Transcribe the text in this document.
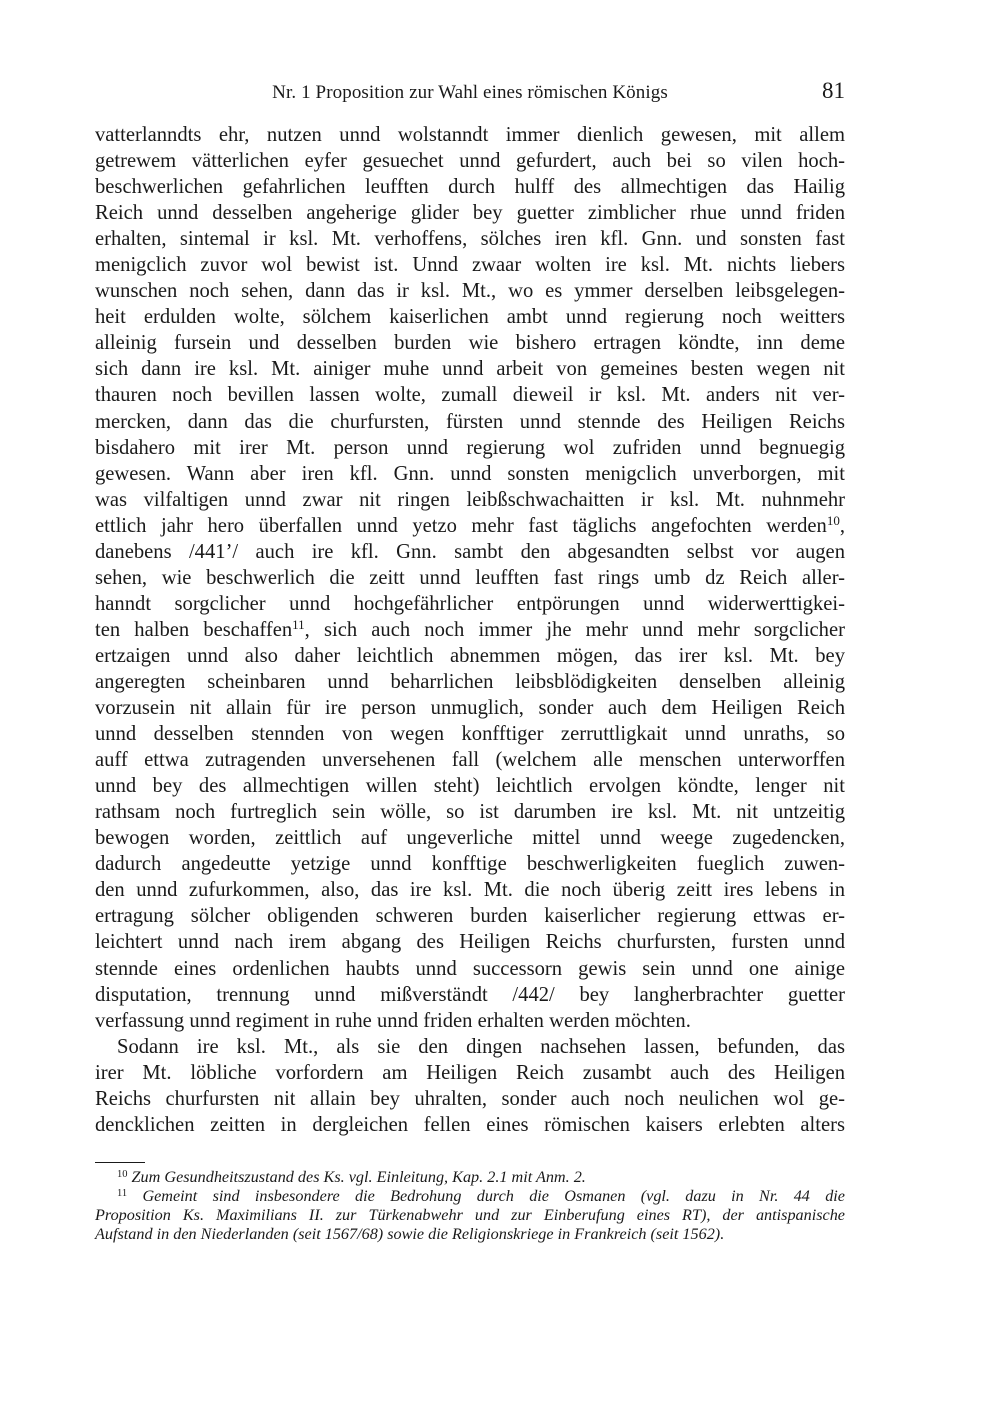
Nr. 1 Proposition zur Wahl eines römischen Königs	81
vatterlanndts ehr, nutzen unnd wolstanndt immer dienlich gewesen, mit allem
getrewem vätterlichen eyfer gesuechet unnd gefurdert, auch bei so vilen hoch-
beschwerlichen gefahrlichen leufften durch hulff des allmechtigen das Hailig
Reich unnd desselben angeherige glider bey guetter zimblicher rhue unnd friden
erhalten, sintemal ir ksl. Mt. verhoffens, sölches iren kfl. Gnn. und sonsten fast
menigclich zuvor wol bewist ist. Unnd zwaar wolten ire ksl. Mt. nichts liebers
wunschen noch sehen, dann das ir ksl. Mt., wo es ymmer derselben leibsgelegen-
heit erdulden wolte, sölchem kaiserlichen ambt unnd regierung noch weitters
alleinig fursein und desselben burden wie bishero ertragen köndte, inn deme
sich dann ire ksl. Mt. ainiger muhe unnd arbeit von gemeines besten wegen nit
thauren noch bevillen lassen wolte, zumall dieweil ir ksl. Mt. anders nit ver-
mercken, dann das die churfursten, fürsten unnd stennde des Heiligen Reichs
bisdahero mit irer Mt. person unnd regierung wol zufriden unnd begnuegig
gewesen. Wann aber iren kfl. Gnn. unnd sonsten menigclich unverborgen, mit
was vilfaltigen unnd zwar nit ringen leibßschwachaitten ir ksl. Mt. nuhnmehr
ettlich jahr hero überfallen unnd yetzo mehr fast täglichs angefochten werden$^{10}$,
danebens /441’/ auch ire kfl. Gnn. sambt den abgesandten selbst vor augen
sehen, wie beschwerlich die zeitt unnd leufften fast rings umb dz Reich aller-
hanndt sorgclicher unnd hochgefährlicher entpörungen unnd widerwerttigkei-
ten halben beschaffen$^{11}$, sich auch noch immer jhe mehr unnd mehr sorgclicher
ertzaigen unnd also daher leichtlich abnemmen mögen, das irer ksl. Mt. bey
angeregten scheinbaren unnd beharrlichen leibsblödigkeiten denselben alleinig
vorzusein nit allain für ire person unmuglich, sonder auch dem Heiligen Reich
unnd desselben stennden von wegen konfftiger zerruttligkait unnd unraths, so
auff ettwa zutragenden unversehenen fall (welchem alle menschen unterworffen
unnd bey des allmechtigen willen steht) leichtlich ervolgen köndte, lenger nit
rathsam noch furtreglich sein wölle, so ist darumben ire ksl. Mt. nit untzeitig
bewogen worden, zeittlich auf ungeverliche mittel unnd weege zugedencken,
dadurch angedeutte yetzige unnd konfftige beschwerligkeiten fueglich zuwen-
den unnd zufurkommen, also, das ire ksl. Mt. die noch überig zeitt ires lebens in
ertragung sölcher obligenden schweren burden kaiserlicher regierung ettwas er-
leichtert unnd nach irem abgang des Heiligen Reichs churfursten, fursten unnd
stennde eines ordenlichen haubts unnd successorn gewis sein unnd one ainige
disputation, trennung unnd mißverständt /442/ bey langherbrachter guetter
verfassung unnd regiment in ruhe unnd friden erhalten werden möchten.
Sodann ire ksl. Mt., als sie den dingen nachsehen lassen, befunden, das
irer Mt. löbliche vorfordern am Heiligen Reich zusambt auch des Heiligen
Reichs churfursten nit allain bey uhralten, sonder auch noch neulichen wol ge-
dencklichen zeitten in dergleichen fellen eines römischen kaisers erlebten alters
$^{10}$ Zum Gesundheitszustand des Ks. vgl. Einleitung, Kap. 2.1 mit Anm. 2.
$^{11}$ Gemeint sind insbesondere die Bedrohung durch die Osmanen (vgl. dazu in Nr. 44 die
Proposition Ks. Maximilians II. zur Türkenabwehr und zur Einberufung eines RT), der antispanische
Aufstand in den Niederlanden (seit 1567/68) sowie die Religionskriege in Frankreich (seit 1562).
